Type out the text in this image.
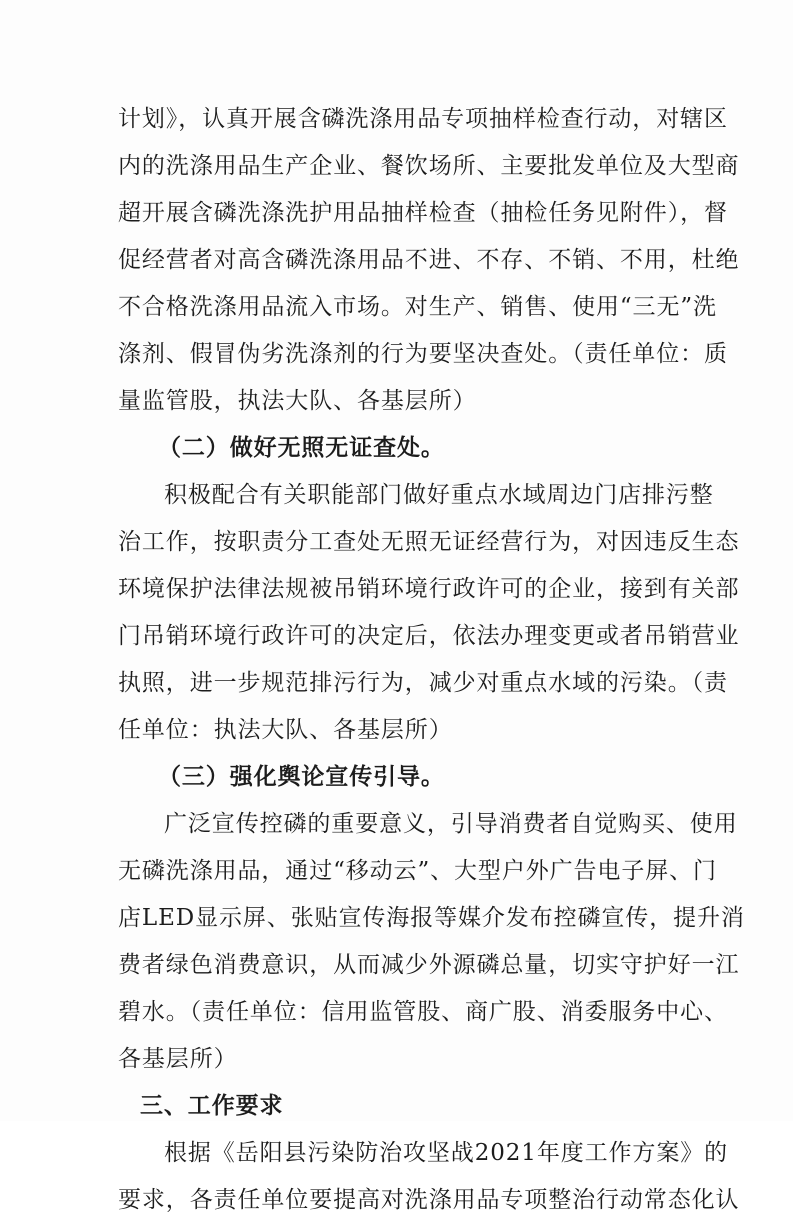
计划》，认真开展含磷洗涤用品专项抽样检查行动，对辖区
内的洗涤用品生产企业、餐饮场所、主要批发单位及大型商
超开展含磷洗涤洗护用品抽样检查（抽检任务见附件），督
促经营者对高含磷洗涤用品不进、不存、不销、不用，杜绝
不合格洗涤用品流入市场。对生产、销售、使用“三无”洗
涤剂、假冒伪劣洗涤剂的行为要坚决查处。（责任单位：质
量监管股，执法大队、各基层所）
（二）做好无照无证查处。
积极配合有关职能部门做好重点水域周边门店排污整
治工作，按职责分工查处无照无证经营行为，对因违反生态
环境保护法律法规被吊销环境行政许可的企业，接到有关部
门吊销环境行政许可的决定后，依法办理变更或者吊销营业
执照，进一步规范排污行为，减少对重点水域的污染。（责
任单位：执法大队、各基层所）
（三）强化舆论宣传引导。
广泛宣传控磷的重要意义，引导消费者自觉购买、使用
无磷洗涤用品，通过“移动云”、大型户外广告电子屏、门
店LED显示屏、张贴宣传海报等媒介发布控磷宣传，提升消
费者绿色消费意识，从而减少外源磷总量，切实守护好一江
碧水。（责任单位：信用监管股、商广股、消委服务中心、
各基层所）
三、工作要求
根据《岳阳县污染防治攻坚战2021年度工作方案》的
要求，各责任单位要提高对洗涤用品专项整治行动常态化认
